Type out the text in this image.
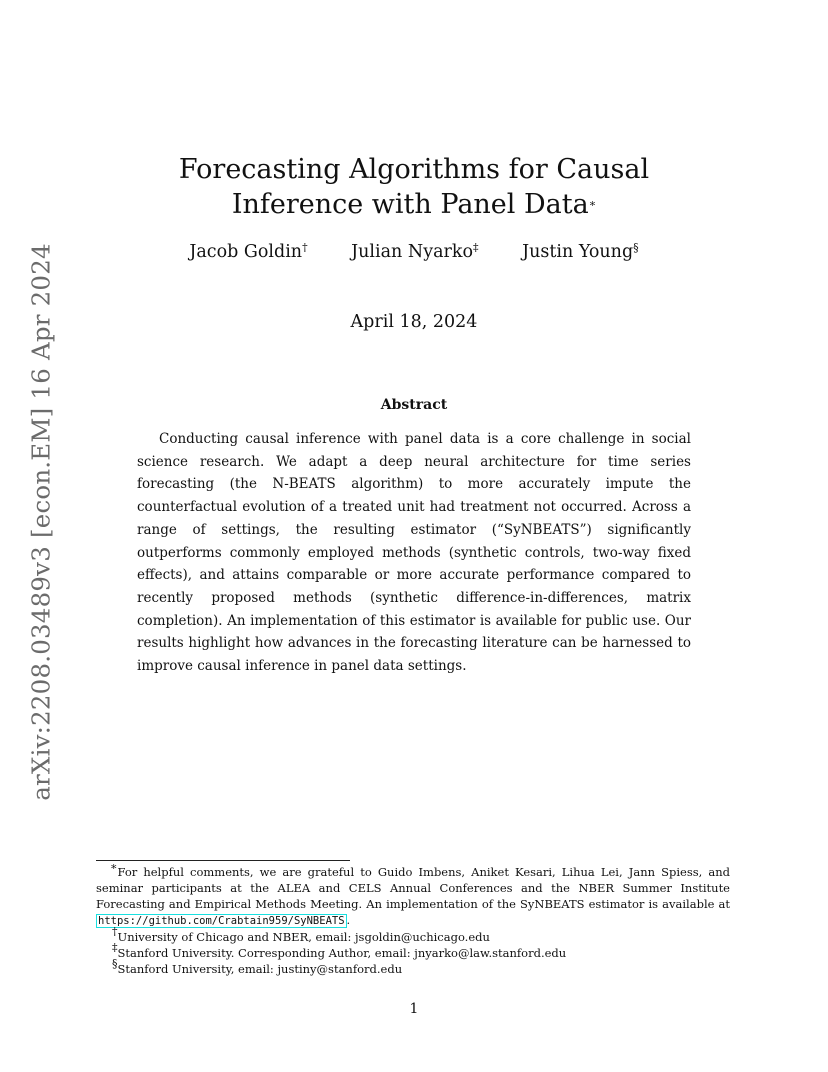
arXiv:2208.03489v3 [econ.EM] 16 Apr 2024
Forecasting Algorithms for Causal
Inference with Panel Data∗
Jacob Goldin† Julian Nyarko‡ Justin Young§
April 18, 2024
Abstract

Conducting causal inference with panel data is a core challenge in social science research. We adapt a deep neural architecture for time series forecasting (the N-BEATS algorithm) to more accurately impute the counterfactual evolution of a treated unit had treatment not occurred. Across a range of settings, the resulting estimator (“SyNBEATS”) significantly outperforms commonly employed methods (synthetic controls, two-way fixed effects), and attains comparable or more accurate performance compared to recently proposed methods (synthetic difference-in-differences, matrix completion). An implementation of this estimator is available for public use. Our results highlight how advances in the forecasting literature can be harnessed to improve causal inference in panel data settings.

∗For helpful comments, we are grateful to Guido Imbens, Aniket Kesari, Lihua Lei, Jann Spiess, and seminar participants at the ALEA and CELS Annual Conferences and the NBER Summer Institute Forecasting and Empirical Methods Meeting. An implementation of the SyNBEATS estimator is available at https://github.com/Crabtain959/SyNBEATS .

†University of Chicago and NBER, email: jsgoldin@uchicago.edu

‡Stanford University. Corresponding Author, email: jnyarko@law.stanford.edu

§Stanford University, email: justiny@stanford.edu

1
